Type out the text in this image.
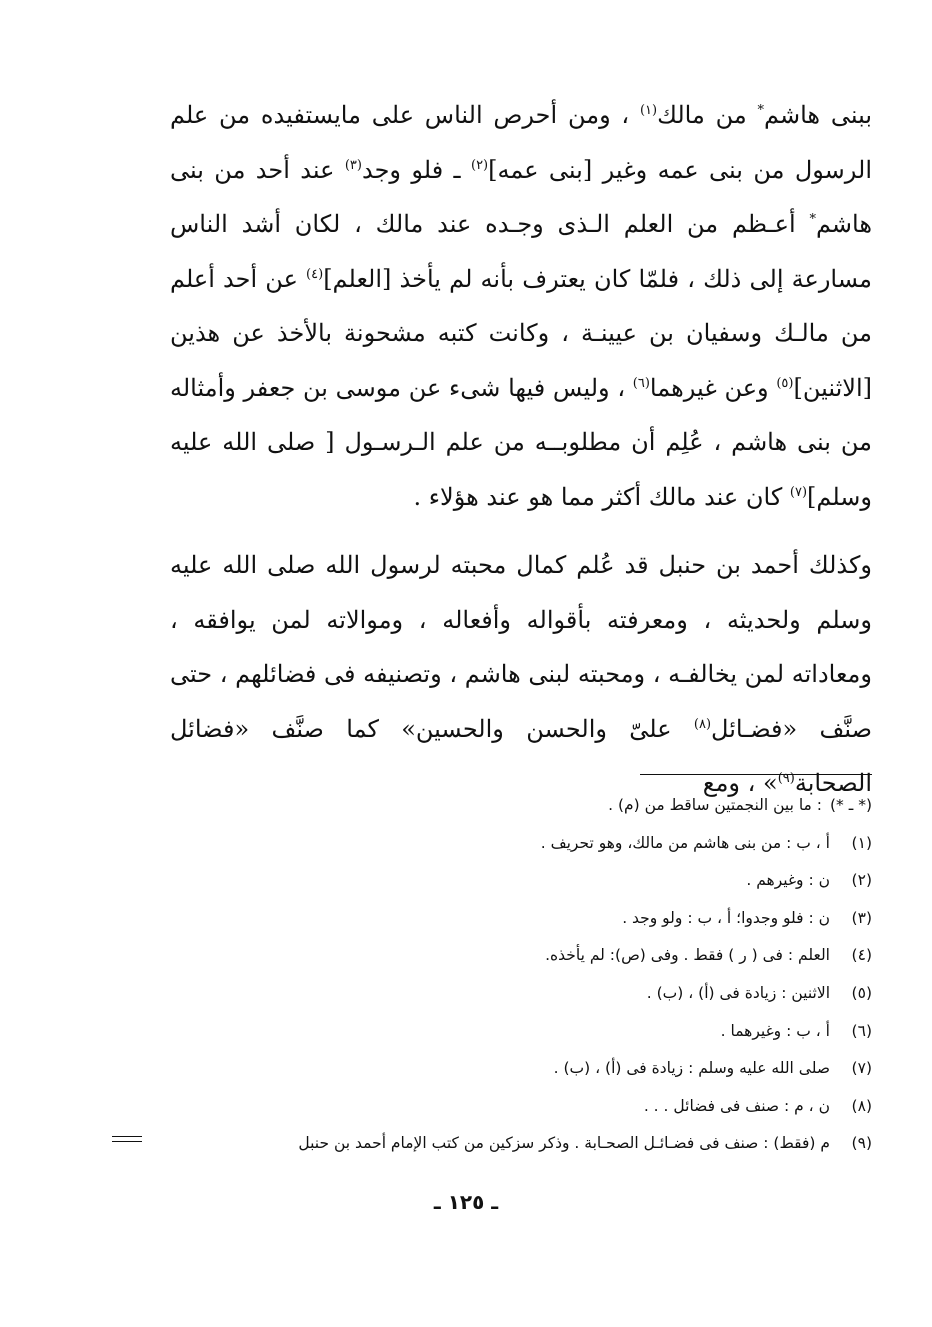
ببنى هاشم* من مالك$^{(١)}$ ، ومن أحرص الناس على مايستفيده من علم الرسول من بنى عمه وغير [بنى عمه]$^{(٢)}$ ـ فلو وجد$^{(٣)}$ عند أحد من بنى هاشم* أعـظم من العلم الـذى وجـده عند مالك ، لكان أشد الناس مسارعة إلى ذلك ، فلمّا كان يعترف بأنه لم يأخذ [العلم]$^{(٤)}$ عن أحد أعلم من مالـك وسفيان بن عيينـة ، وكانت كتبه مشحونة بالأخذ عن هذين [الاثنين]$^{(٥)}$ وعن غيرهما$^{(٦)}$ ، وليس فيها شىء عن موسى بن جعفر وأمثاله من بنى هاشم ، عُلِم أن مطلوبــه من علم الـرسـول [ صلى الله عليه وسلم]$^{(٧)}$ كان عند مالك أكثر مما هو عند هؤلاء .

وكذلك أحمد بن حنبل قد عُلم كمال محبته لرسول الله صلى الله عليه وسلم ولحديثه ، ومعرفته بأقواله وأفعاله ، وموالاته لمن يوافقه ، ومعاداته لمن يخالفـه ، ومحبته لبنى هاشم ، وتصنيفه فى فضائلهم ، حتى صنَّف «فضـائل$^{(٨)}$ علىّ والحسن والحسين» كما صنَّف «فضائل الصحابة$^{(٩)}$» ، ومع

(* ـ *)
: ما بين النجمتين ساقط من (م) .
(١)
أ ، ب : من بنى هاشم من مالك، وهو تحريف .
(٢)
ن : وغيرهم .
(٣)
ن : فلو وجدوا؛ أ ، ب : ولو وجد .
(٤)
العلم : فى ( ر ) فقط . وفى (ص): لم يأخذه.
(٥)
الاثنين : زيادة فى (أ) ، (ب) .
(٦)
أ ، ب : وغيرهما .
(٧)
صلى الله عليه وسلم : زيادة فى (أ) ، (ب) .
(٨)
ن ، م : صنف فى فضائل . . .
(٩)
م (فقط) : صنف فى فضـائـل الصحـابة . وذكر سزكين من كتب الإمام أحمد بن حنبل
ـ ١٢٥ ـ
